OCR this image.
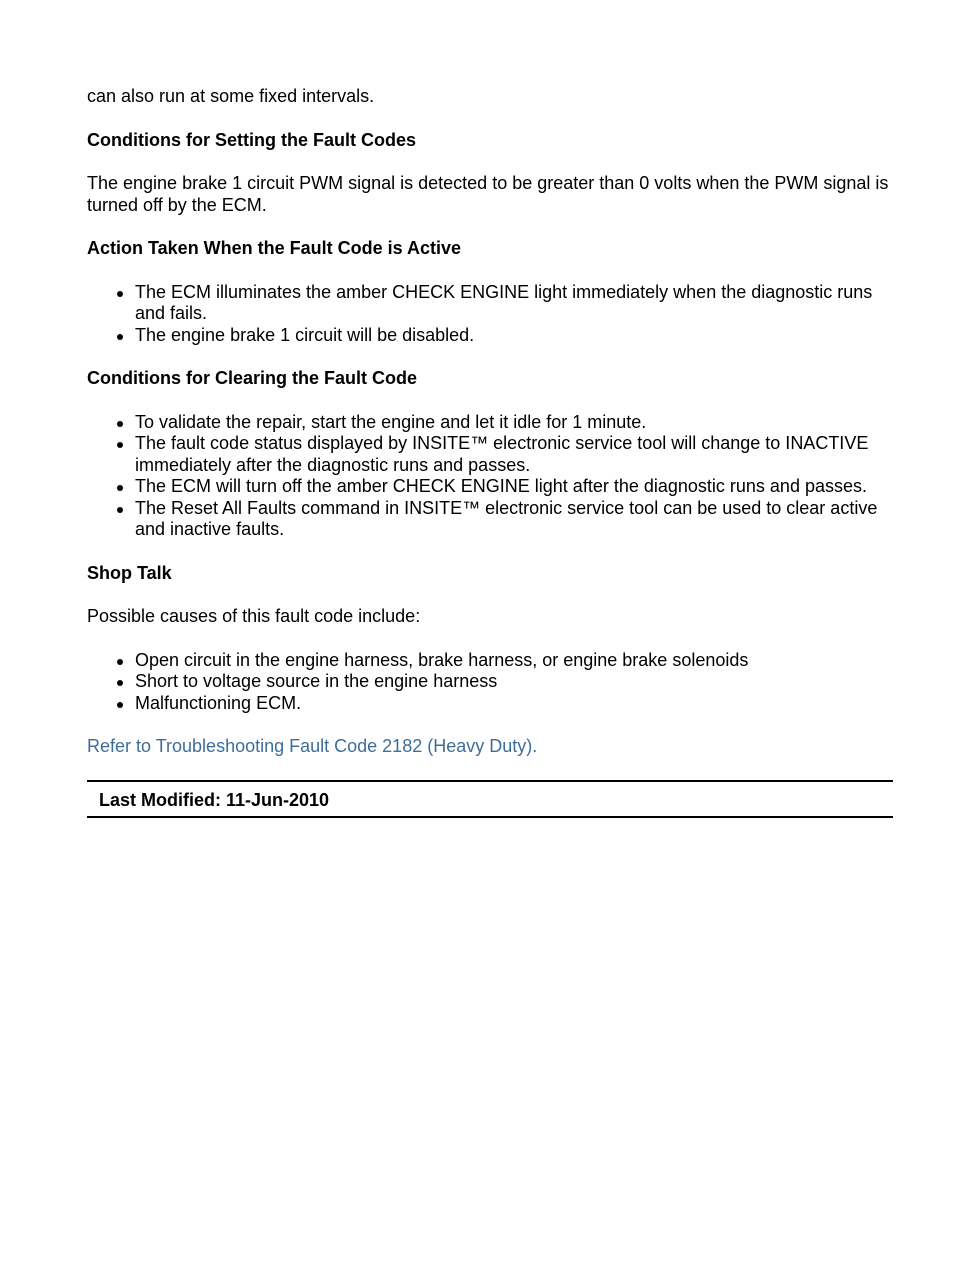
can also run at some fixed intervals.

Conditions for Setting the Fault Codes

The engine brake 1 circuit PWM signal is detected to be greater than 0 volts when the PWM signal is turned off by the ECM.

Action Taken When the Fault Code is Active
The ECM illuminates the amber CHECK ENGINE light immediately when the diagnostic runs and fails.
The engine brake 1 circuit will be disabled.
Conditions for Clearing the Fault Code
To validate the repair, start the engine and let it idle for 1 minute.
The fault code status displayed by INSITE™ electronic service tool will change to INACTIVE immediately after the diagnostic runs and passes.
The ECM will turn off the amber CHECK ENGINE light after the diagnostic runs and passes.
The Reset All Faults command in INSITE™ electronic service tool can be used to clear active and inactive faults.
Shop Talk

Possible causes of this fault code include:

Open circuit in the engine harness, brake harness, or engine brake solenoids
Short to voltage source in the engine harness
Malfunctioning ECM.

Refer to Troubleshooting Fault Code 2182 (Heavy Duty).

Last Modified: 11-Jun-2010
